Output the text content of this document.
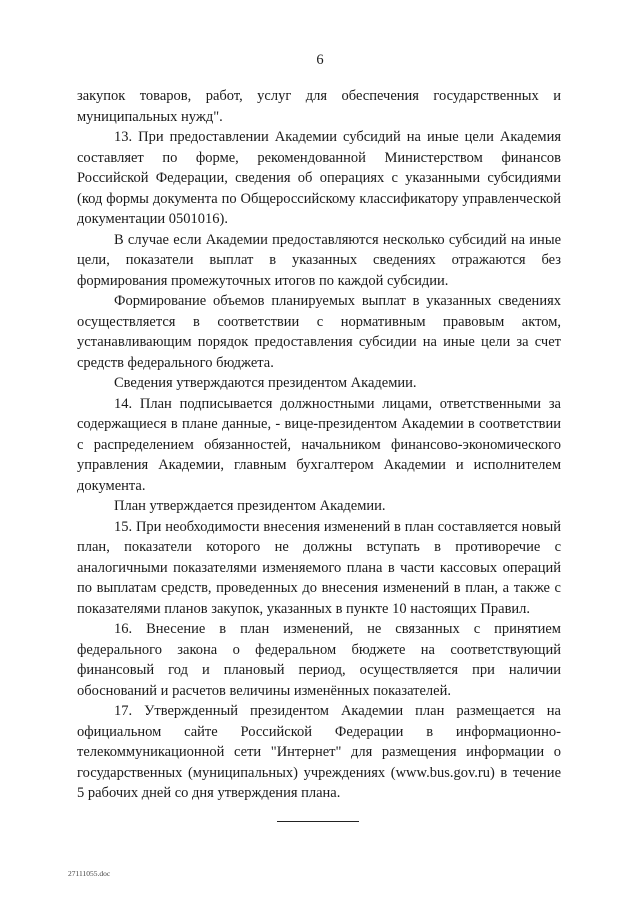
6

закупок товаров, работ, услуг для обеспечения государственных и муниципальных нужд".

13. При предоставлении Академии субсидий на иные цели Академия составляет по форме, рекомендованной Министерством финансов Российской Федерации, сведения об операциях с указанными субсидиями (код формы документа по Общероссийскому классификатору управленческой документации 0501016).

В случае если Академии предоставляются несколько субсидий на иные цели, показатели выплат в указанных сведениях отражаются без формирования промежуточных итогов по каждой субсидии.

Формирование объемов планируемых выплат в указанных сведениях осуществляется в соответствии с нормативным правовым актом, устанавливающим порядок предоставления субсидии на иные цели за счет средств федерального бюджета.

Сведения утверждаются президентом Академии.

14. План подписывается должностными лицами, ответственными за содержащиеся в плане данные, - вице-президентом Академии в соответствии с распределением обязанностей, начальником финансово-экономического управления Академии, главным бухгалтером Академии и исполнителем документа.

План утверждается президентом Академии.

15. При необходимости внесения изменений в план составляется новый план, показатели которого не должны вступать в противоречие с аналогичными показателями изменяемого плана в части кассовых операций по выплатам средств, проведенных до внесения изменений в план, а также с показателями планов закупок, указанных в пункте 10 настоящих Правил.

16. Внесение в план изменений, не связанных с принятием федерального закона о федеральном бюджете на соответствующий финансовый год и плановый период, осуществляется при наличии обоснований и расчетов величины изменённых показателей.

17. Утвержденный президентом Академии план размещается на официальном сайте Российской Федерации в информационно-телекоммуникационной сети "Интернет" для размещения информации о государственных (муниципальных) учреждениях (www.bus.gov.ru) в течение 5 рабочих дней со дня утверждения плана.

27111055.doc
